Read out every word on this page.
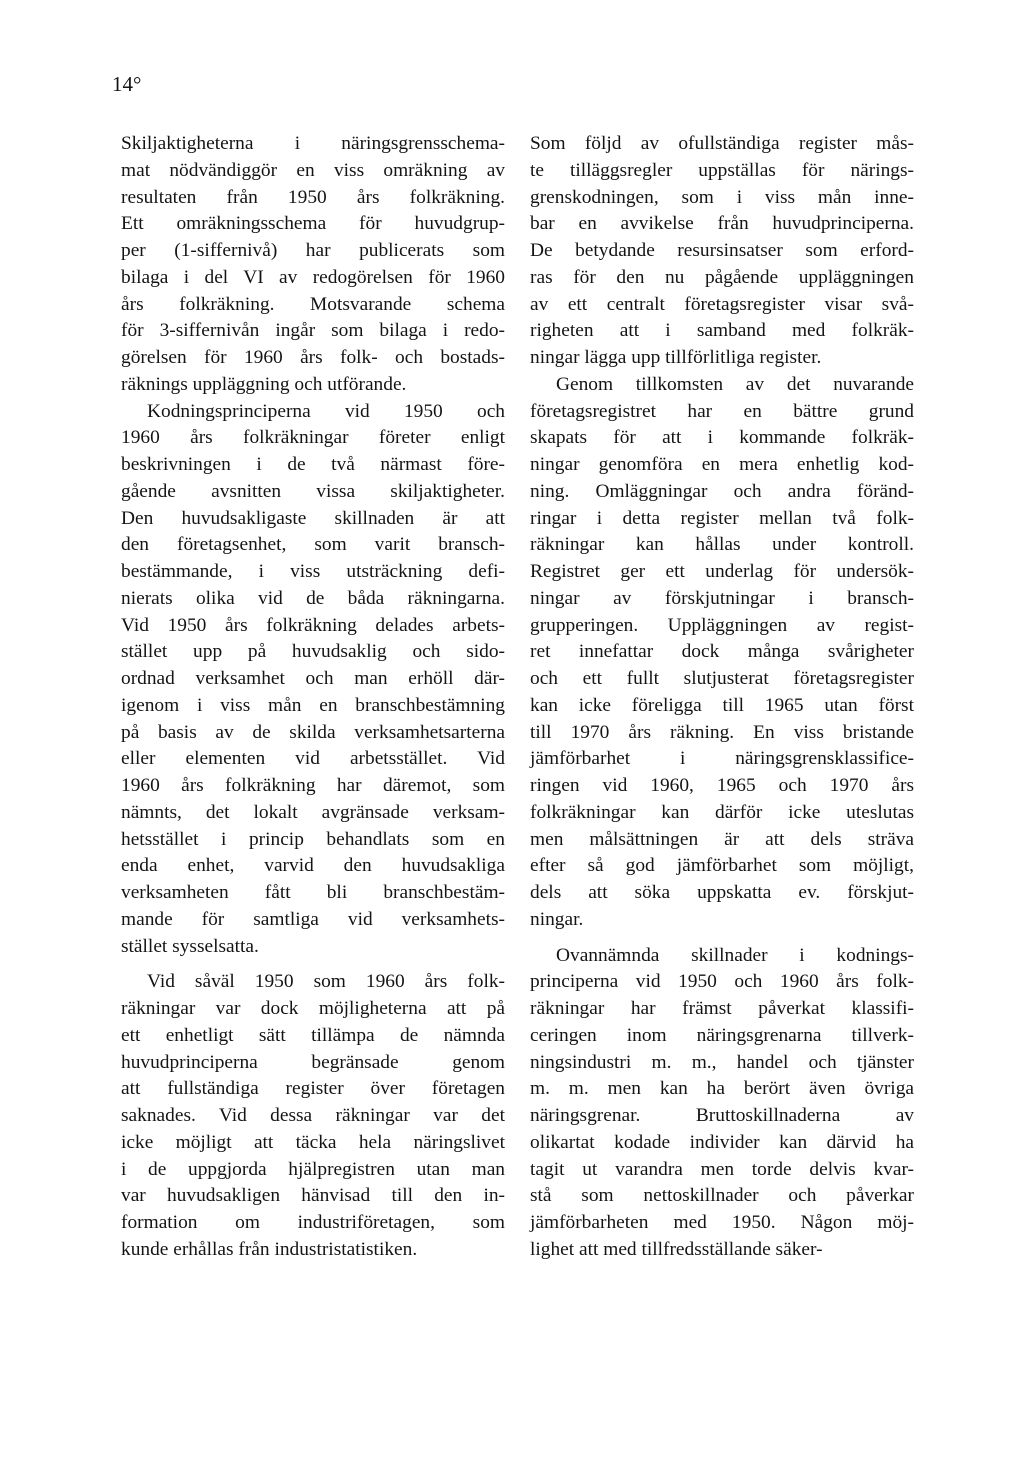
14°
Skiljaktigheterna i näringsgrensschema-
mat nödvändiggör en viss omräkning av
resultaten från 1950 års folkräkning.
Ett omräkningsschema för huvudgrup-
per (1-siffernivå) har publicerats som
bilaga i del VI av redogörelsen för 1960
års folkräkning. Motsvarande schema
för 3-siffernivån ingår som bilaga i redo-
görelsen för 1960 års folk- och bostads-
räknings uppläggning och utförande.
Kodningsprinciperna vid 1950 och
1960 års folkräkningar företer enligt
beskrivningen i de två närmast före-
gående avsnitten vissa skiljaktigheter.
Den huvudsakligaste skillnaden är att
den företagsenhet, som varit bransch-
bestämmande, i viss utsträckning defi-
nierats olika vid de båda räkningarna.
Vid 1950 års folkräkning delades arbets-
stället upp på huvudsaklig och sido-
ordnad verksamhet och man erhöll där-
igenom i viss mån en branschbestämning
på basis av de skilda verksamhetsarterna
eller elementen vid arbetsstället. Vid
1960 års folkräkning har däremot, som
nämnts, det lokalt avgränsade verksam-
hetsstället i princip behandlats som en
enda enhet, varvid den huvudsakliga
verksamheten fått bli branschbestäm-
mande för samtliga vid verksamhets-
stället sysselsatta.
Vid såväl 1950 som 1960 års folk-
räkningar var dock möjligheterna att på
ett enhetligt sätt tillämpa de nämnda
huvudprinciperna begränsade genom
att fullständiga register över företagen
saknades. Vid dessa räkningar var det
icke möjligt att täcka hela näringslivet
i de uppgjorda hjälpregistren utan man
var huvudsakligen hänvisad till den in-
formation om industriföretagen, som
kunde erhållas från industristatistiken.
Som följd av ofullständiga register mås-
te tilläggsregler uppställas för närings-
grenskodningen, som i viss mån inne-
bar en avvikelse från huvudprinciperna.
De betydande resursinsatser som erford-
ras för den nu pågående uppläggningen
av ett centralt företagsregister visar svå-
righeten att i samband med folkräk-
ningar lägga upp tillförlitliga register.
Genom tillkomsten av det nuvarande
företagsregistret har en bättre grund
skapats för att i kommande folkräk-
ningar genomföra en mera enhetlig kod-
ning. Omläggningar och andra föränd-
ringar i detta register mellan två folk-
räkningar kan hållas under kontroll.
Registret ger ett underlag för undersök-
ningar av förskjutningar i bransch-
grupperingen. Uppläggningen av regist-
ret innefattar dock många svårigheter
och ett fullt slutjusterat företagsregister
kan icke föreligga till 1965 utan först
till 1970 års räkning. En viss bristande
jämförbarhet i näringsgrensklassifice-
ringen vid 1960, 1965 och 1970 års
folkräkningar kan därför icke uteslutas
men målsättningen är att dels sträva
efter så god jämförbarhet som möjligt,
dels att söka uppskatta ev. förskjut-
ningar.
Ovannämnda skillnader i kodnings-
principerna vid 1950 och 1960 års folk-
räkningar har främst påverkat klassifi-
ceringen inom näringsgrenarna tillverk-
ningsindustri m. m., handel och tjänster
m. m. men kan ha berört även övriga
näringsgrenar. Bruttoskillnaderna av
olikartat kodade individer kan därvid ha
tagit ut varandra men torde delvis kvar-
stå som nettoskillnader och påverkar
jämförbarheten med 1950. Någon möj-
lighet att med tillfredsställande säker-
